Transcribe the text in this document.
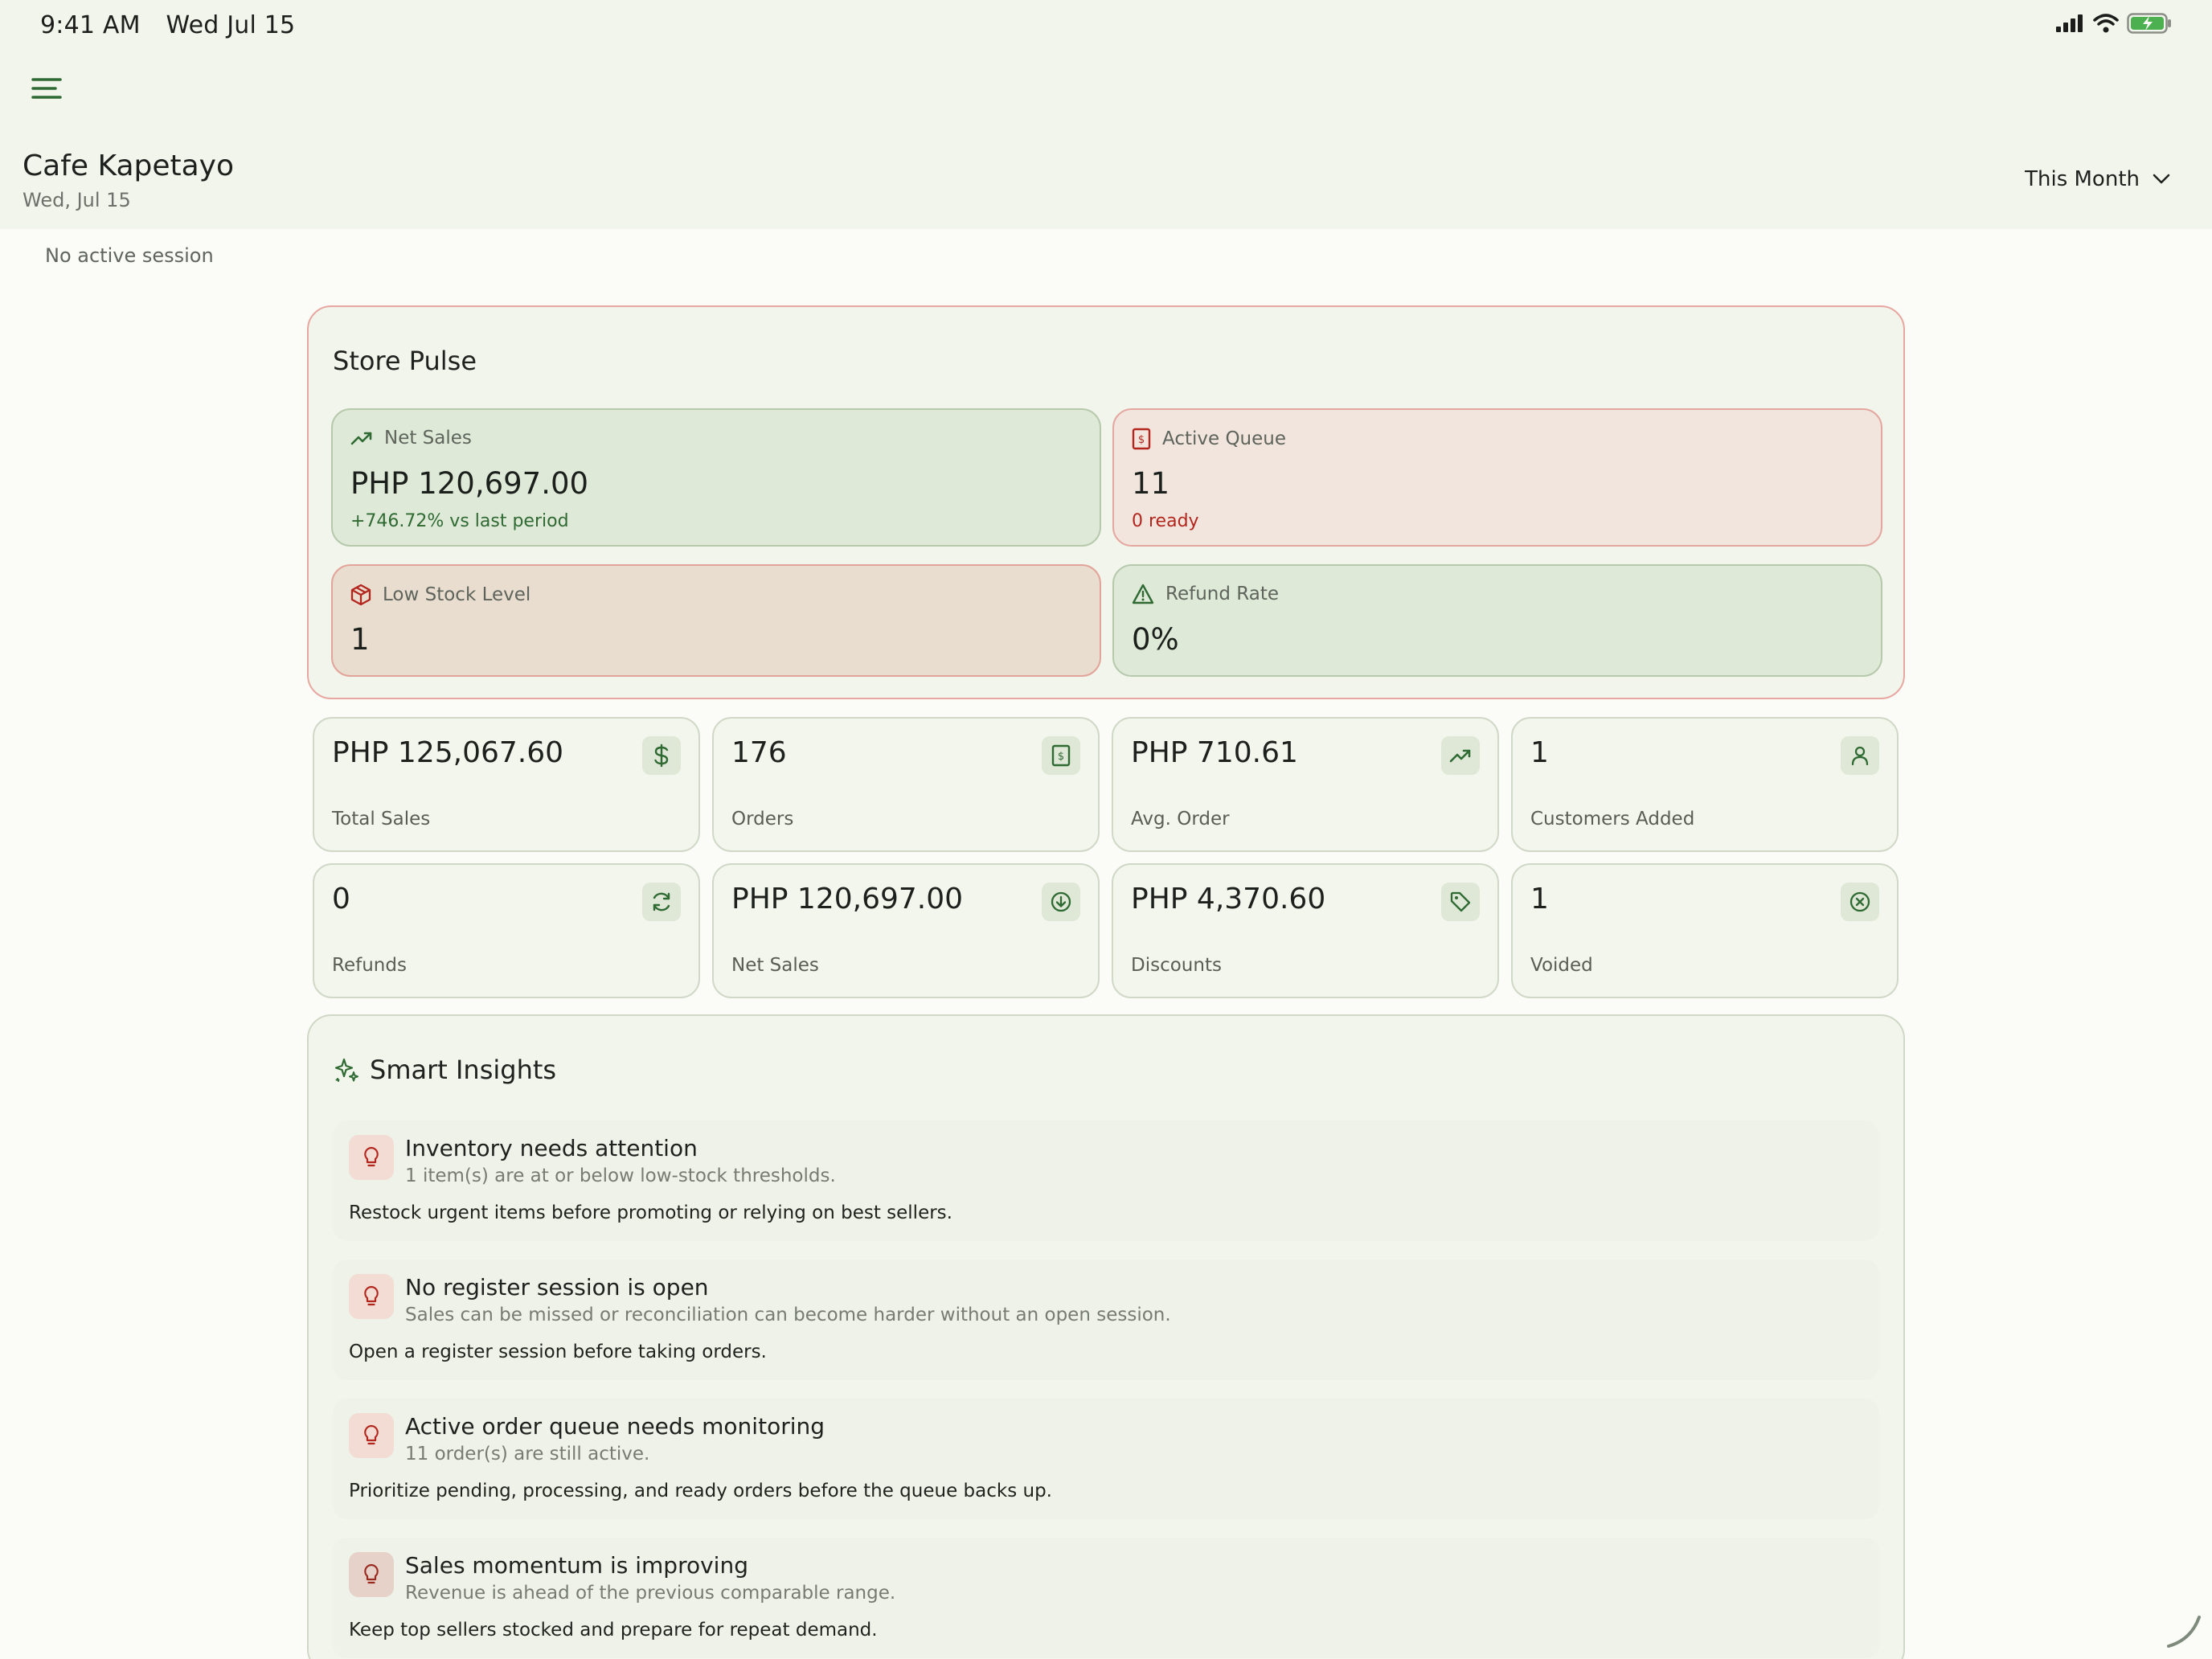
9:41 AM Wed Jul 15
Cafe Kapetayo
Wed, Jul 15
This Month
No active session
Store Pulse
Net Sales
PHP 120,697.00
+746.72% vs last period
$ Active Queue
11
0 ready
Low Stock Level
1
Refund Rate
0%
PHP 125,067.60
Total Sales
176	$
Orders
PHP 710.61
Avg. Order
1
Customers Added
0
Refunds
PHP 120,697.00
Net Sales
PHP 4,370.60
Discounts
1
Voided
Smart Insights
Inventory needs attention
1 item(s) are at or below low-stock thresholds.
Restock urgent items before promoting or relying on best sellers.
No register session is open
Sales can be missed or reconciliation can become harder without an open session.
Open a register session before taking orders.
Active order queue needs monitoring
11 order(s) are still active.
Prioritize pending, processing, and ready orders before the queue backs up.
Sales momentum is improving
Revenue is ahead of the previous comparable range.
Keep top sellers stocked and prepare for repeat demand.
